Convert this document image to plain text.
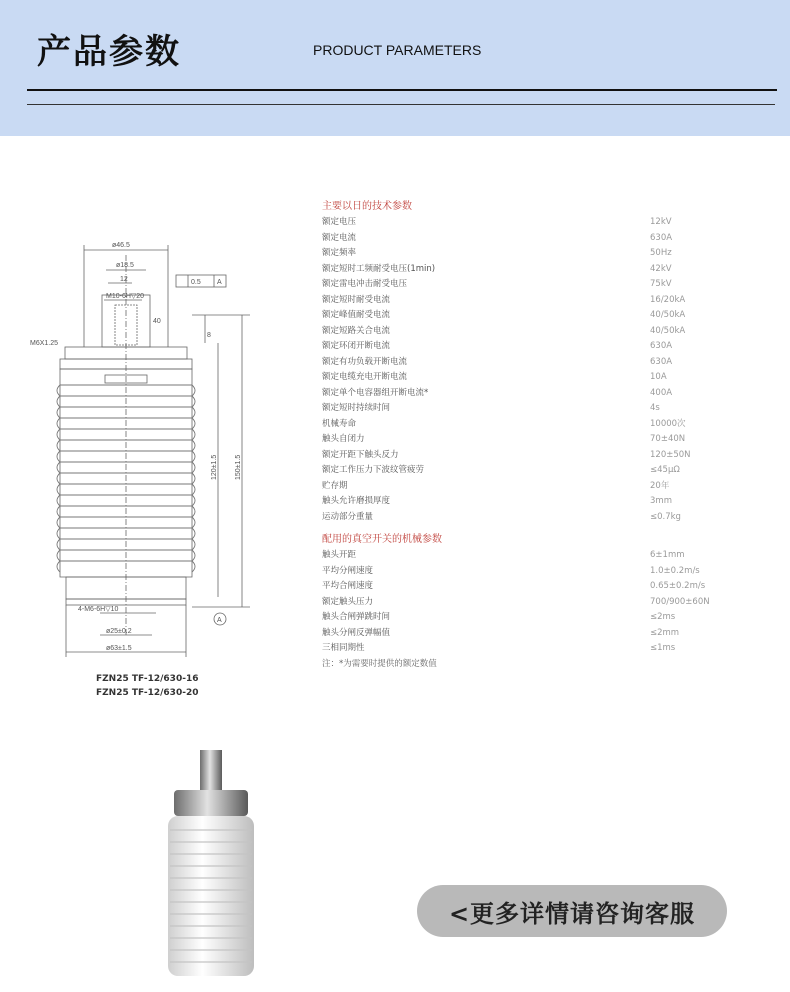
产品参数	PRODUCT PARAMETERS
ø46.5
ø18.5
12
M10-6H▽20
40
0.5 A
8
M6X1.25
120±1.5 150±1.5
4-M6-6H▽10
ø25±0.2
ø63±1.5
A
FZN25 TF-12/630-16
FZN25 TF-12/630-20
主要以日的技术参数
额定电压	12kV
额定电流	630A
额定频率	50Hz
额定短时工频耐受电压(1min)	42kV
额定雷电冲击耐受电压	75kV
额定短时耐受电流	16/20kA
额定峰值耐受电流	40/50kA
额定短路关合电流	40/50kA
额定环闭开断电流	630A
额定有功负载开断电流	630A
额定电缆充电开断电流	10A
额定单个电容器组开断电流*	400A
额定短时持续时间	4s
机械寿命	10000次
触头自闭力	70±40N
额定开距下触头反力	120±50N
额定工作压力下波纹管疲劳	≤45μΩ
贮存期	20年
触头允许磨损厚度	3mm
运动部分重量	≤0.7kg
配用的真空开关的机械参数
触头开距	6±1mm
平均分闸速度	1.0±0.2m/s
平均合闸速度	0.65±0.2m/s
额定触头压力	700/900±60N
触头合闸弹跳时间	≤2ms
触头分闸反弹幅值	≤2mm
三相同期性	≤1ms
注：*为需要时提供的额定数值
<更多详情请咨询客服
